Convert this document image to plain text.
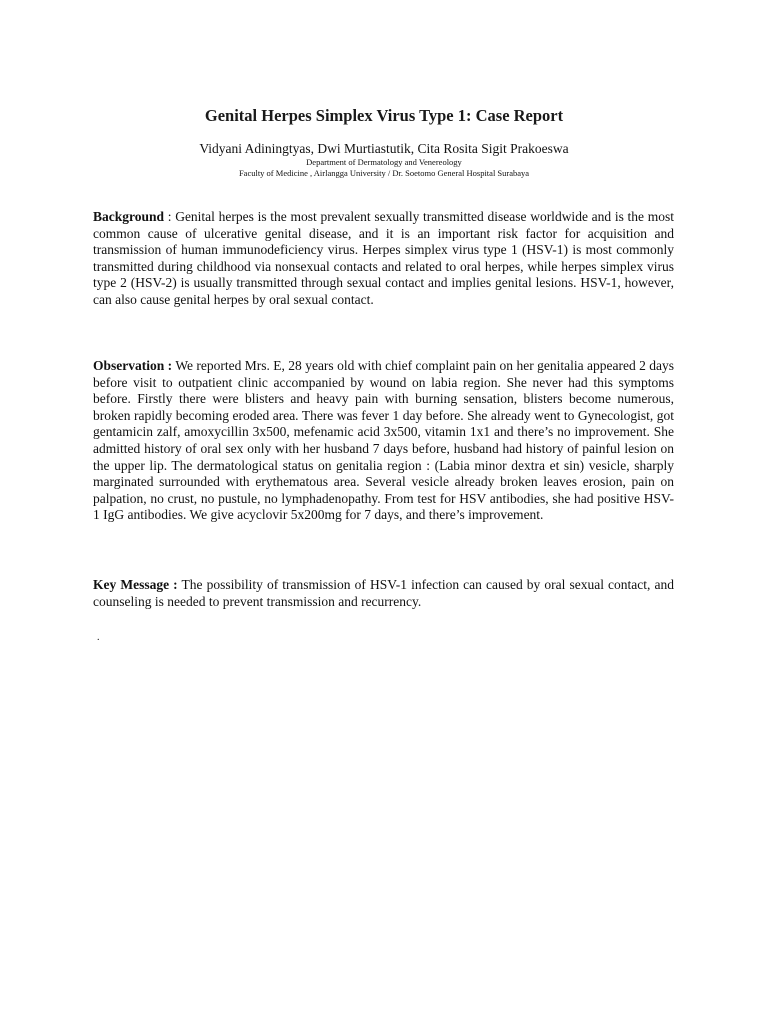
Genital Herpes Simplex Virus Type 1: Case Report
Vidyani Adiningtyas, Dwi Murtiastutik, Cita Rosita Sigit Prakoeswa
Department of Dermatology and Venereology
Faculty of Medicine , Airlangga University / Dr. Soetomo General Hospital Surabaya
Background : Genital herpes is the most prevalent sexually transmitted disease worldwide and is the most common cause of ulcerative genital disease, and it is an important risk factor for acquisition and transmission of human immunodeficiency virus. Herpes simplex virus type 1 (HSV-1) is most commonly transmitted during childhood via nonsexual contacts and related to oral herpes, while herpes simplex virus type 2 (HSV-2) is usually transmitted through sexual contact and implies genital lesions. HSV-1, however, can also cause genital herpes by oral sexual contact.
Observation : We reported Mrs. E, 28 years old with chief complaint pain on her genitalia appeared 2 days before visit to outpatient clinic accompanied by wound on labia region. She never had this symptoms before. Firstly there were blisters and heavy pain with burning sensation, blisters become numerous, broken rapidly becoming eroded area. There was fever 1 day before. She already went to Gynecologist, got gentamicin zalf, amoxycillin 3x500, mefenamic acid 3x500, vitamin 1x1 and there’s no improvement. She admitted history of oral sex only with her husband 7 days before, husband had history of painful lesion on the upper lip. The dermatological status on genitalia region : (Labia minor dextra et sin) vesicle, sharply marginated surrounded with erythematous area. Several vesicle already broken leaves erosion, pain on palpation, no crust, no pustule, no lymphadenopathy. From test for HSV antibodies, she had positive HSV-1 IgG antibodies. We give acyclovir 5x200mg for 7 days, and there’s improvement.
Key Message : The possibility of transmission of HSV-1 infection can caused by oral sexual contact, and counseling is needed to prevent transmission and recurrency.
.
